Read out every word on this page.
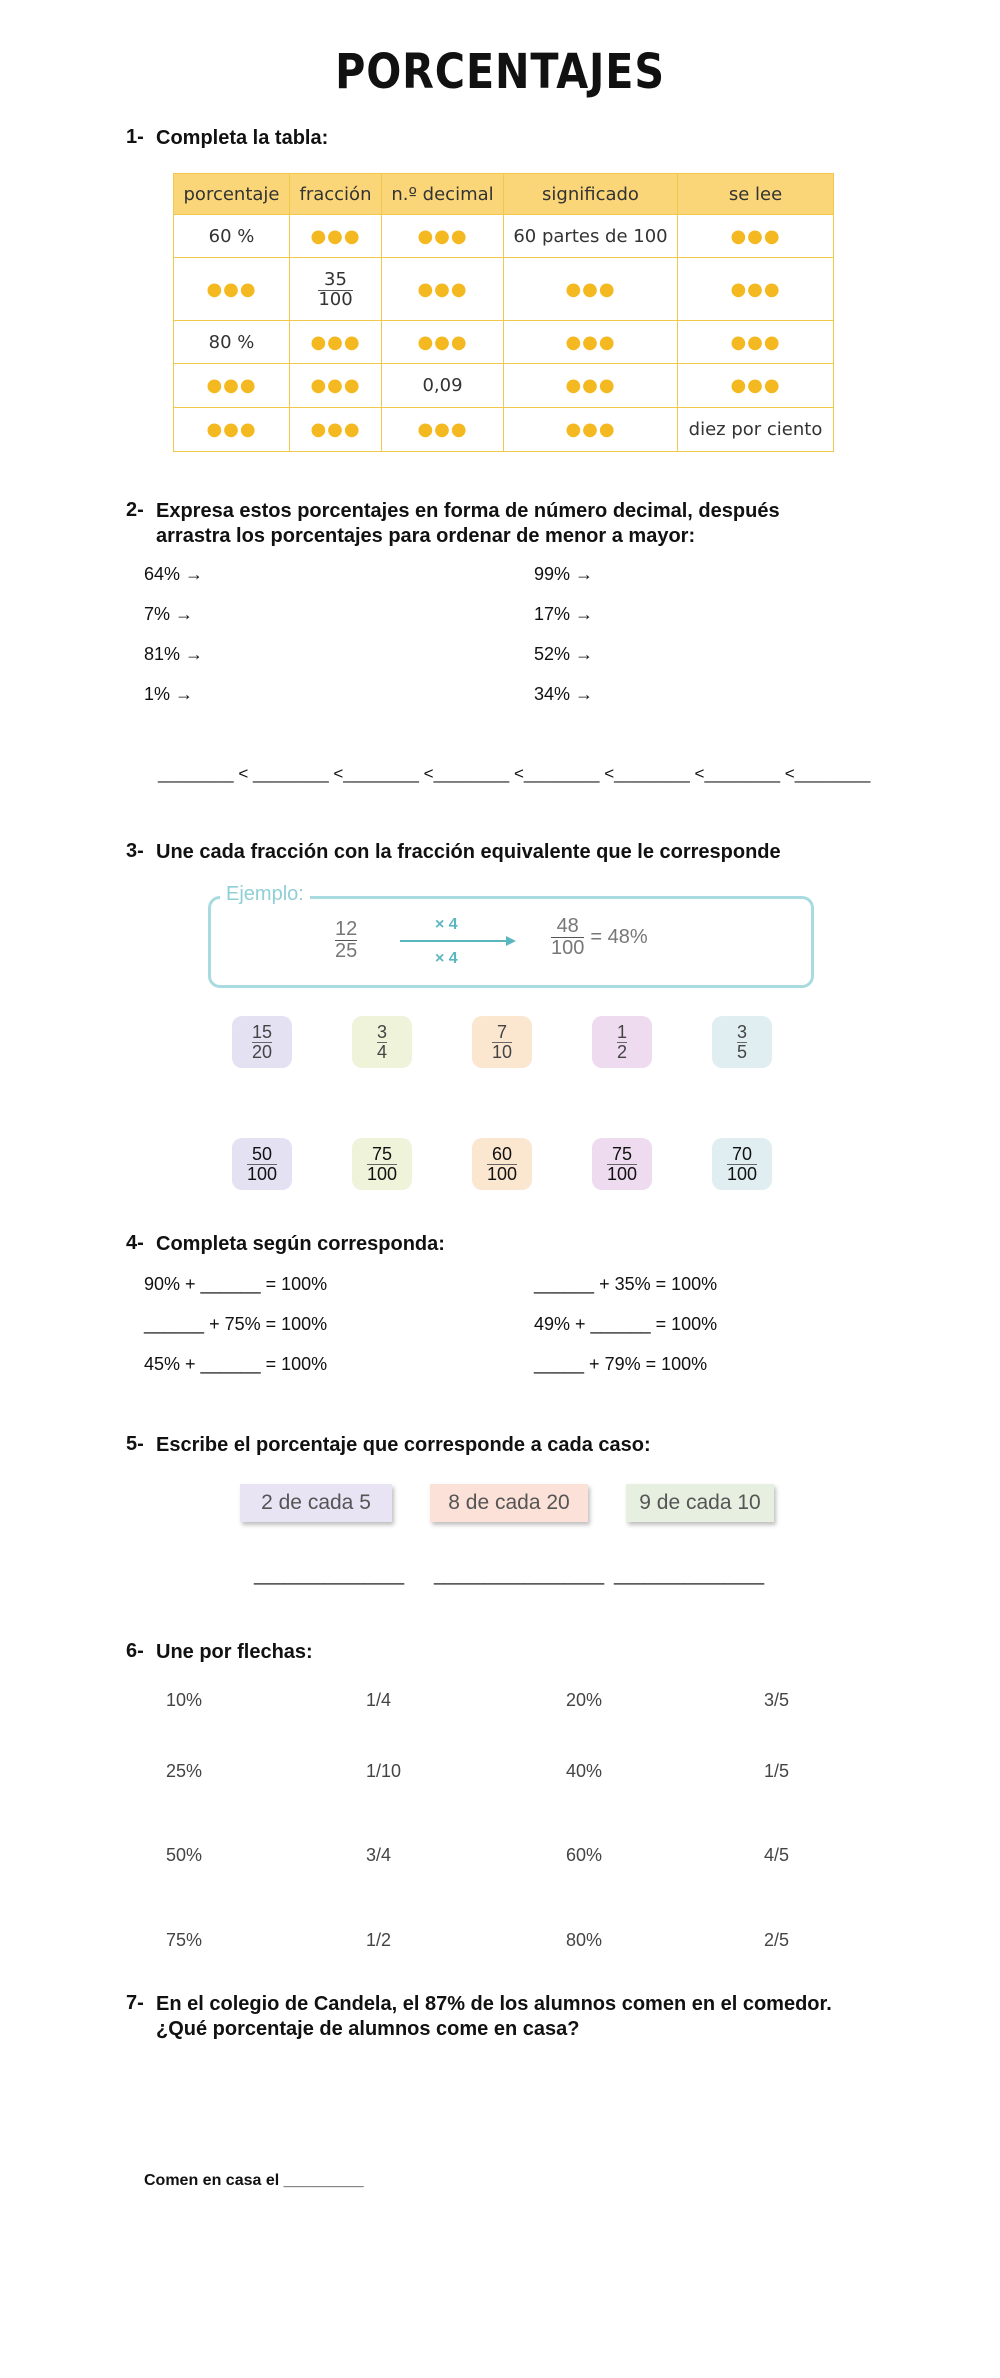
PORCENTAJES
1- Completa la tabla:
porcentaje	fracción	n.º decimal	significado	se lee
60 %	●●●	●●●	60 partes de 100	●●●
●●●	$\frac{35}{100}$	●●●	●●●	●●●
80 %	●●●	●●●	●●●	●●●
●●●	●●●	0,09	●●●	●●●
●●●	●●●	●●●	●●●	diez por ciento
2- Expresa estos porcentajes en forma de número decimal, después
arrastra los porcentajes para ordenar de menor a mayor:
64% →
7% →
81% →
1% →
99% →
17% →
52% →
34% →
________ < ________ <________ <________ <________ <________ <________ <________
3- Une cada fracción con la fracción equivalente que le corresponde
Ejemplo:
$\frac{12}{25}$	× 4
× 4	$\frac{48}{100} = 48\%$
$\frac{15}{20}$	$\frac{3}{4}$	$\frac{7}{10}$	$\frac{1}{2}$	$\frac{3}{5}$
$\frac{50}{100}$	$\frac{75}{100}$	$\frac{60}{100}$	$\frac{75}{100}$	$\frac{70}{100}$
4- Completa según corresponda:
90% + ______ = 100%
______ + 75% = 100%
45% + ______ = 100%
______ + 35% = 100%
49% + ______ = 100%
_____ + 79% = 100%
5- Escribe el porcentaje que corresponde a cada caso:
2 de cada 5	8 de cada 20	9 de cada 10
_______________ _________________ _______________
6- Une por flechas:
10%
25%
50%
75%
1/4
1/10
3/4
1/2
20%
40%
60%
80%
3/5
1/5
4/5
2/5
7- En el colegio de Candela, el 87% de los alumnos comen en el comedor.
¿Qué porcentaje de alumnos come en casa?
Comen en casa el _________
